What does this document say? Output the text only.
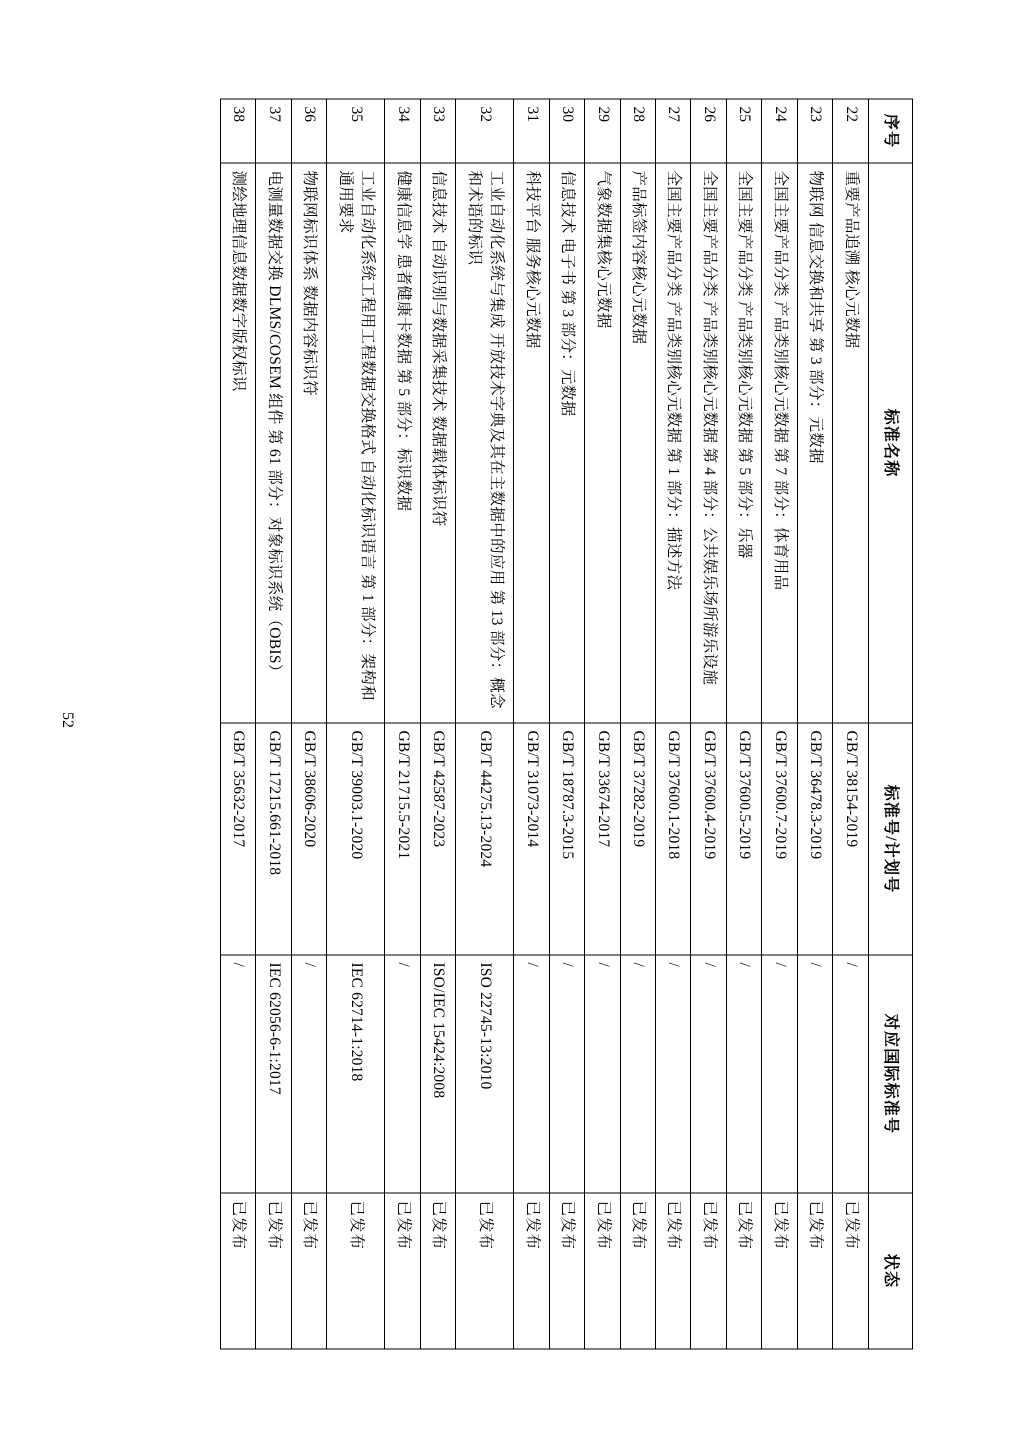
序号	标准名称	标准号/计划号	对应国际标准号	状态
22	重要产品追溯 核心元数据	GB/T 38154-2019	/	已发布
23	物联网 信息交换和共享 第 3 部分：元数据	GB/T 36478.3-2019	/	已发布
24	全国主要产品分类 产品类别核心元数据 第 7 部分：体育用品	GB/T 37600.7-2019	/	已发布
25	全国主要产品分类 产品类别核心元数据 第 5 部分：乐器	GB/T 37600.5-2019	/	已发布
26	全国主要产品分类 产品类别核心元数据 第 4 部分：公共娱乐场所游乐设施	GB/T 37600.4-2019	/	已发布
27	全国主要产品分类 产品类别核心元数据 第 1 部分：描述方法	GB/T 37600.1-2018	/	已发布
28	产品标签内容核心元数据	GB/T 37282-2019	/	已发布
29	气象数据集核心元数据	GB/T 33674-2017	/	已发布
30	信息技术 电子书 第 3 部分：元数据	GB/T 18787.3-2015	/	已发布
31	科技平台 服务核心元数据	GB/T 31073-2014	/	已发布
32	工业自动化系统与集成 开放技术字典及其在主数据中的应用 第 13 部分：概念和术语的标识	GB/T 44275.13-2024	ISO 22745-13:2010	已发布
33	信息技术 自动识别与数据采集技术 数据载体标识符	GB/T 42587-2023	ISO/IEC 15424:2008	已发布
34	健康信息学 患者健康卡数据 第 5 部分：标识数据	GB/T 21715.5-2021	/	已发布
35	工业自动化系统工程用工程数据交换格式 自动化标识语言 第 1 部分：架构和通用要求	GB/T 39003.1-2020	IEC 62714-1:2018	已发布
36	物联网标识体系 数据内容标识符	GB/T 38606-2020	/	已发布
37	电测量数据交换 DLMS/COSEM 组件 第 61 部分：对象标识系统（OBIS）	GB/T 17215.661-2018	IEC 62056-6-1:2017	已发布
38	测绘地理信息数据数字版权标识	GB/T 35632-2017	/	已发布
52
